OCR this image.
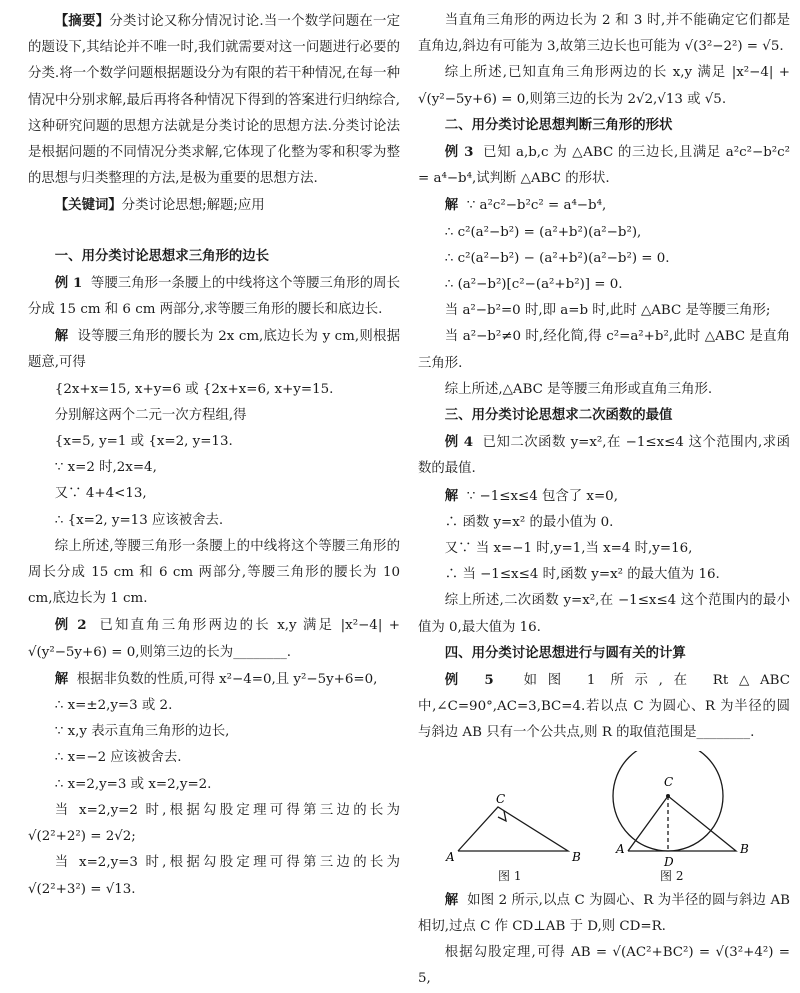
【摘要】分类讨论又称分情况讨论.当一个数学问题在一定的题设下,其结论并不唯一时,我们就需要对这一问题进行必要的分类.将一个数学问题根据题设分为有限的若干种情况,在每一种情况中分别求解,最后再将各种情况下得到的答案进行归纳综合,这种研究问题的思想方法就是分类讨论的思想方法.分类讨论法是根据问题的不同情况分类求解,它体现了化整为零和积零为整的思想与归类整理的方法,是极为重要的思想方法.

【关键词】分类讨论思想;解题;应用

一、用分类讨论思想求三角形的边长

例 1 等腰三角形一条腰上的中线将这个等腰三角形的周长分成 15 cm 和 6 cm 两部分,求等腰三角形的腰长和底边长.

解 设等腰三角形的腰长为 2x cm,底边长为 y cm,则根据题意,可得

{2x+x=15, x+y=6 或 {2x+x=6, x+y=15.

分别解这两个二元一次方程组,得

{x=5, y=1 或 {x=2, y=13.

∵ x=2 时,2x=4,

又∵ 4+4<13,

∴ {x=2, y=13 应该被舍去.

综上所述,等腰三角形一条腰上的中线将这个等腰三角形的周长分成 15 cm 和 6 cm 两部分,等腰三角形的腰长为 10 cm,底边长为 1 cm.

例 2 已知直角三角形两边的长 x,y 满足 |x²−4| + √(y²−5y+6) = 0,则第三边的长为________.

解 根据非负数的性质,可得 x²−4=0,且 y²−5y+6=0,

∴ x=±2,y=3 或 2.

∵ x,y 表示直角三角形的边长,

∴ x=−2 应该被舍去.

∴ x=2,y=3 或 x=2,y=2.

当 x=2,y=2 时,根据勾股定理可得第三边的长为 √(2²+2²) = 2√2;

当 x=2,y=3 时,根据勾股定理可得第三边的长为 √(2²+3²) = √13.

当直角三角形的两边长为 2 和 3 时,并不能确定它们都是直角边,斜边有可能为 3,故第三边长也可能为 √(3²−2²) = √5.

综上所述,已知直角三角形两边的长 x,y 满足 |x²−4| + √(y²−5y+6) = 0,则第三边的长为 2√2,√13 或 √5.

二、用分类讨论思想判断三角形的形状

例 3 已知 a,b,c 为 △ABC 的三边长,且满足 a²c²−b²c² = a⁴−b⁴,试判断 △ABC 的形状.

解 ∵ a²c²−b²c² = a⁴−b⁴,

∴ c²(a²−b²) = (a²+b²)(a²−b²),

∴ c²(a²−b²) − (a²+b²)(a²−b²) = 0.

∴ (a²−b²)[c²−(a²+b²)] = 0.

当 a²−b²=0 时,即 a=b 时,此时 △ABC 是等腰三角形;

当 a²−b²≠0 时,经化简,得 c²=a²+b²,此时 △ABC 是直角三角形.

综上所述,△ABC 是等腰三角形或直角三角形.

三、用分类讨论思想求二次函数的最值

例 4 已知二次函数 y=x²,在 −1≤x≤4 这个范围内,求函数的最值.

解 ∵ −1≤x≤4 包含了 x=0,

∴ 函数 y=x² 的最小值为 0.

又∵ 当 x=−1 时,y=1,当 x=4 时,y=16,

∴ 当 −1≤x≤4 时,函数 y=x² 的最大值为 16.

综上所述,二次函数 y=x²,在 −1≤x≤4 这个范围内的最小值为 0,最大值为 16.

四、用分类讨论思想进行与圆有关的计算

例 5 如图 1 所示,在 Rt△ABC 中,∠C=90°,AC=3,BC=4.若以点 C 为圆心、R 为半径的圆与斜边 AB 只有一个公共点,则 R 的取值范围是________.

A
C
B
C
A	B
D
图 1	图 2

解 如图 2 所示,以点 C 为圆心、R 为半径的圆与斜边 AB 相切,过点 C 作 CD⊥AB 于 D,则 CD=R.

根据勾股定理,可得 AB = √(AC²+BC²) = √(3²+4²) = 5,
